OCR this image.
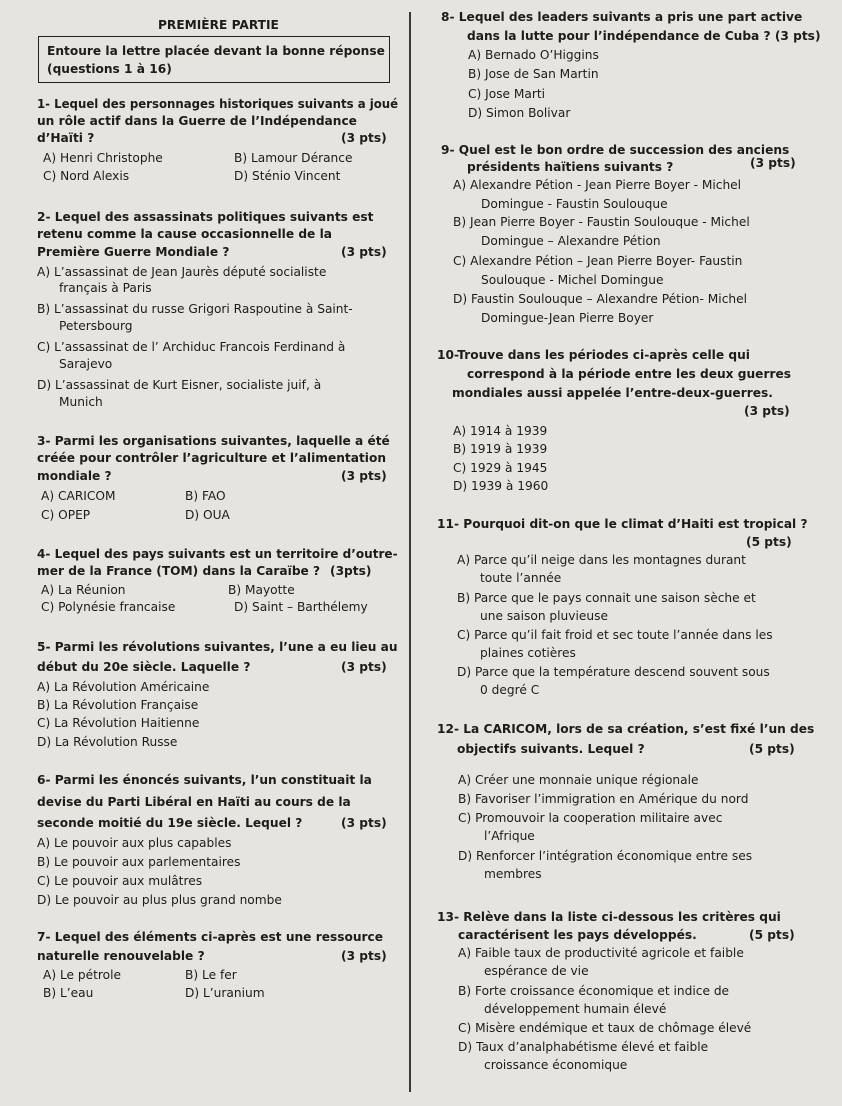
PREMIÈRE PARTIE
Entoure la lettre placée devant la bonne réponse
(questions 1 à 16)
1- Lequel des personnages historiques suivants a joué
un rôle actif dans la Guerre de l’Indépendance
d’Haïti ?	(3 pts)
A) Henri Christophe	B) Lamour Dérance
C) Nord Alexis	D) Sténio Vincent
2- Lequel des assassinats politiques suivants est
retenu comme la cause occasionnelle de la
Première Guerre Mondiale ?	(3 pts)
A) L’assassinat de Jean Jaurès député socialiste
français à Paris
B) L’assassinat du russe Grigori Raspoutine à Saint-
Petersbourg
C) L’assassinat de l’ Archiduc Francois Ferdinand à
Sarajevo
D) L’assassinat de Kurt Eisner, socialiste juif, à
Munich
3- Parmi les organisations suivantes, laquelle a été
créée pour contrôler l’agriculture et l’alimentation
mondiale ?	(3 pts)
A) CARICOM	B) FAO
C) OPEP	D) OUA
4- Lequel des pays suivants est un territoire d’outre-
mer de la France (TOM) dans la Caraïbe ? (3pts)
A) La Réunion	B) Mayotte
C) Polynésie francaise	D) Saint – Barthélemy
5- Parmi les révolutions suivantes, l’une a eu lieu au
début du 20e siècle. Laquelle ?	(3 pts)
A) La Révolution Américaine
B) La Révolution Française
C) La Révolution Haitienne
D) La Révolution Russe
6- Parmi les énoncés suivants, l’un constituait la
devise du Parti Libéral en Haïti au cours de la
seconde moitié du 19e siècle. Lequel ?	(3 pts)
A) Le pouvoir aux plus capables
B) Le pouvoir aux parlementaires
C) Le pouvoir aux mulâtres
D) Le pouvoir au plus plus grand nombe
7- Lequel des éléments ci-après est une ressource
naturelle renouvelable ?	(3 pts)
A) Le pétrole	B) Le fer
B) L’eau	D) L’uranium
8- Lequel des leaders suivants a pris une part active
dans la lutte pour l’indépendance de Cuba ? (3 pts)
A) Bernado O’Higgins
B) Jose de San Martin
C) Jose Marti
D) Simon Bolivar
9- Quel est le bon ordre de succession des anciens
présidents haïtiens suivants ?	(3 pts)
A) Alexandre Pétion - Jean Pierre Boyer - Michel
Domingue - Faustin Soulouque
B) Jean Pierre Boyer - Faustin Soulouque - Michel
Domingue – Alexandre Pétion
C) Alexandre Pétion – Jean Pierre Boyer- Faustin
Soulouque - Michel Domingue
D) Faustin Soulouque – Alexandre Pétion- Michel
Domingue-Jean Pierre Boyer
10-Trouve dans les périodes ci-après celle qui
correspond à la période entre les deux guerres
mondiales aussi appelée l’entre-deux-guerres.
(3 pts)
A) 1914 à 1939
B) 1919 à 1939
C) 1929 à 1945
D) 1939 à 1960
11- Pourquoi dit-on que le climat d’Haiti est tropical ?
(5 pts)
A) Parce qu’il neige dans les montagnes durant
toute l’année
B) Parce que le pays connait une saison sèche et
une saison pluvieuse
C) Parce qu’il fait froid et sec toute l’année dans les
plaines cotières
D) Parce que la température descend souvent sous
0 degré C
12- La CARICOM, lors de sa création, s’est fixé l’un des
objectifs suivants. Lequel ?	(5 pts)
A) Créer une monnaie unique régionale
B) Favoriser l’immigration en Amérique du nord
C) Promouvoir la cooperation militaire avec
l’Afrique
D) Renforcer l’intégration économique entre ses
membres
13- Relève dans la liste ci-dessous les critères qui
caractérisent les pays développés.	(5 pts)
A) Faible taux de productivité agricole et faible
espérance de vie
B) Forte croissance économique et indice de
développement humain élevé
C) Misère endémique et taux de chômage élevé
D) Taux d’analphabétisme élevé et faible
croissance économique
